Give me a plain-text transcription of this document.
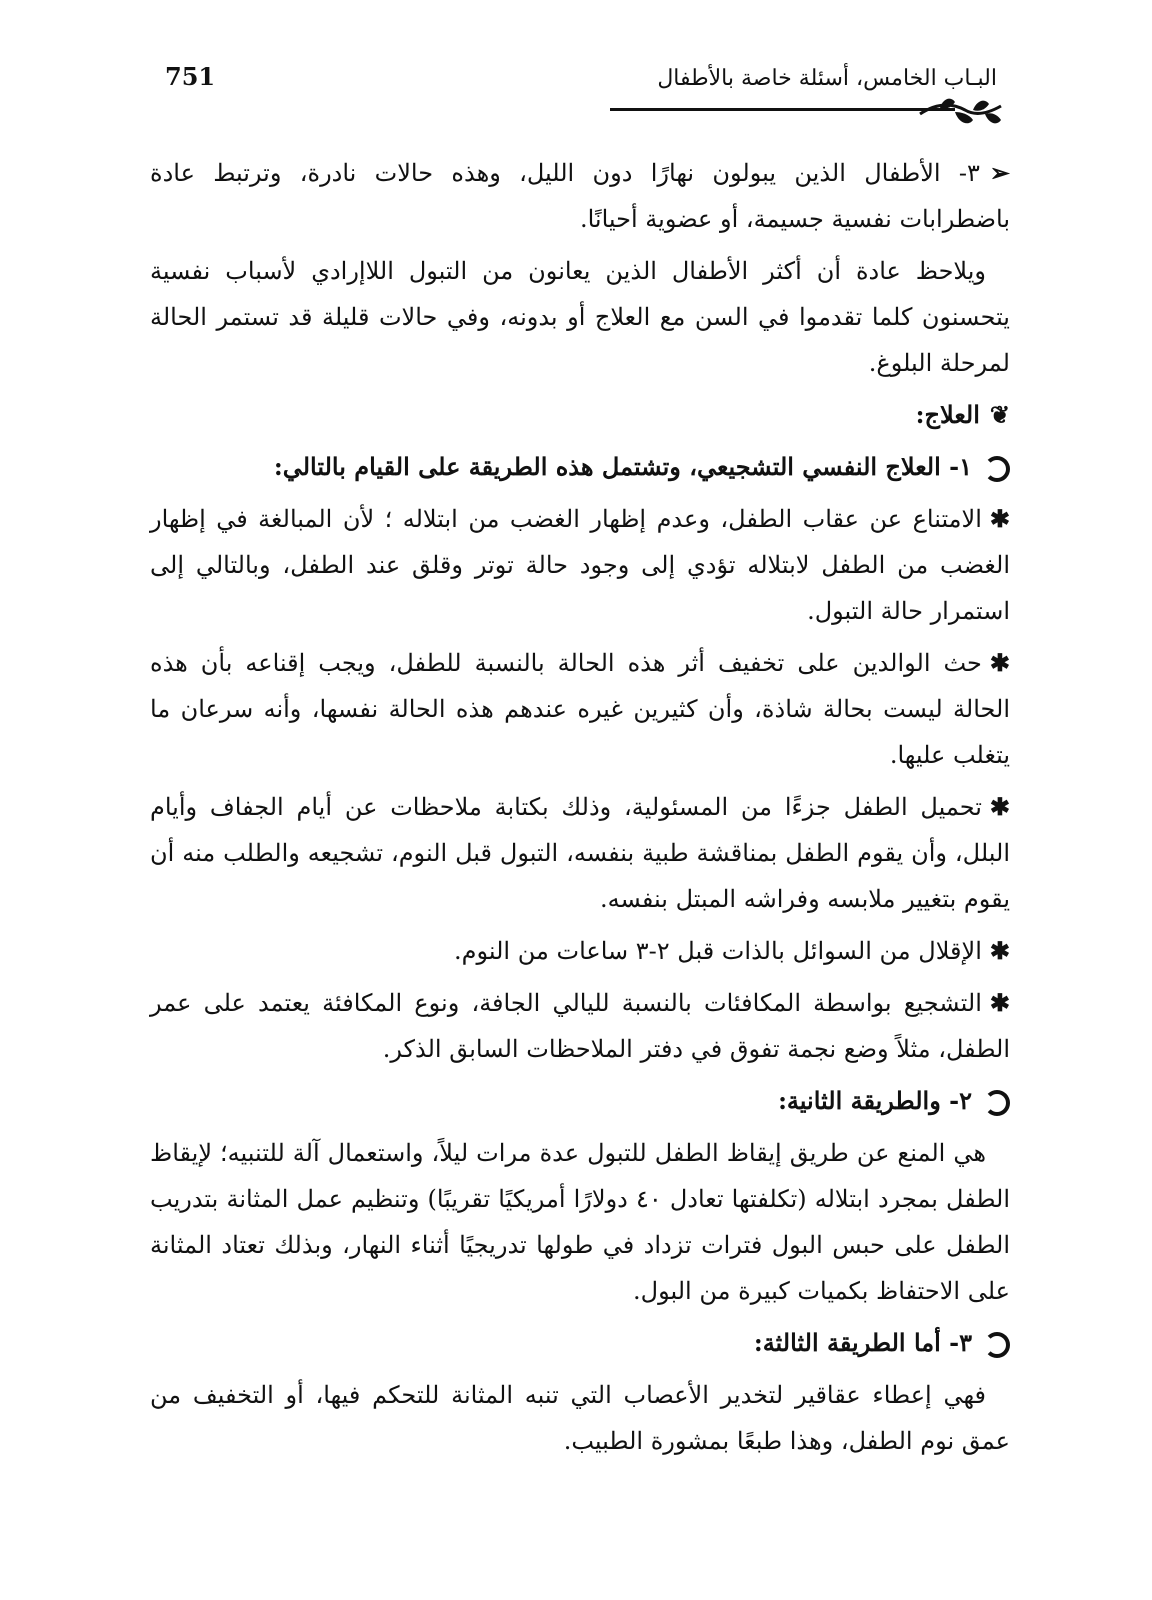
751	البـاب الخامس، أسئلة خاصة بالأطفال

➢٣- الأطفال الذين يبولون نهارًا دون الليل، وهذه حالات نادرة، وترتبط عادة باضطرابات نفسية جسيمة، أو عضوية أحيانًا.

ويلاحظ عادة أن أكثر الأطفال الذين يعانون من التبول اللاإرادي لأسباب نفسية يتحسنون كلما تقدموا في السن مع العلاج أو بدونه، وفي حالات قليلة قد تستمر الحالة لمرحلة البلوغ.

❦العلاج:

١- العلاج النفسي التشجيعي، وتشتمل هذه الطريقة على القيام بالتالي:

✱الامتناع عن عقاب الطفل، وعدم إظهار الغضب من ابتلاله ؛ لأن المبالغة في إظهار الغضب من الطفل لابتلاله تؤدي إلى وجود حالة توتر وقلق عند الطفل، وبالتالي إلى استمرار حالة التبول.

✱حث الوالدين على تخفيف أثر هذه الحالة بالنسبة للطفل، ويجب إقناعه بأن هذه الحالة ليست بحالة شاذة، وأن كثيرين غيره عندهم هذه الحالة نفسها، وأنه سرعان ما يتغلب عليها.

✱تحميل الطفل جزءًا من المسئولية، وذلك بكتابة ملاحظات عن أيام الجفاف وأيام البلل، وأن يقوم الطفل بمناقشة طبية بنفسه، التبول قبل النوم، تشجيعه والطلب منه أن يقوم بتغيير ملابسه وفراشه المبتل بنفسه.

✱الإقلال من السوائل بالذات قبل ٢-٣ ساعات من النوم.

✱التشجيع بواسطة المكافئات بالنسبة لليالي الجافة، ونوع المكافئة يعتمد على عمر الطفل، مثلاً وضع نجمة تفوق في دفتر الملاحظات السابق الذكر.

٢- والطريقة الثانية:

هي المنع عن طريق إيقاظ الطفل للتبول عدة مرات ليلاً، واستعمال آلة للتنبيه؛ لإيقاظ الطفل بمجرد ابتلاله (تكلفتها تعادل ٤٠ دولارًا أمريكيًا تقريبًا) وتنظيم عمل المثانة بتدريب الطفل على حبس البول فترات تزداد في طولها تدريجيًا أثناء النهار، وبذلك تعتاد المثانة على الاحتفاظ بكميات كبيرة من البول.

٣- أما الطريقة الثالثة:

فهي إعطاء عقاقير لتخدير الأعصاب التي تنبه المثانة للتحكم فيها، أو التخفيف من عمق نوم الطفل، وهذا طبعًا بمشورة الطبيب.
